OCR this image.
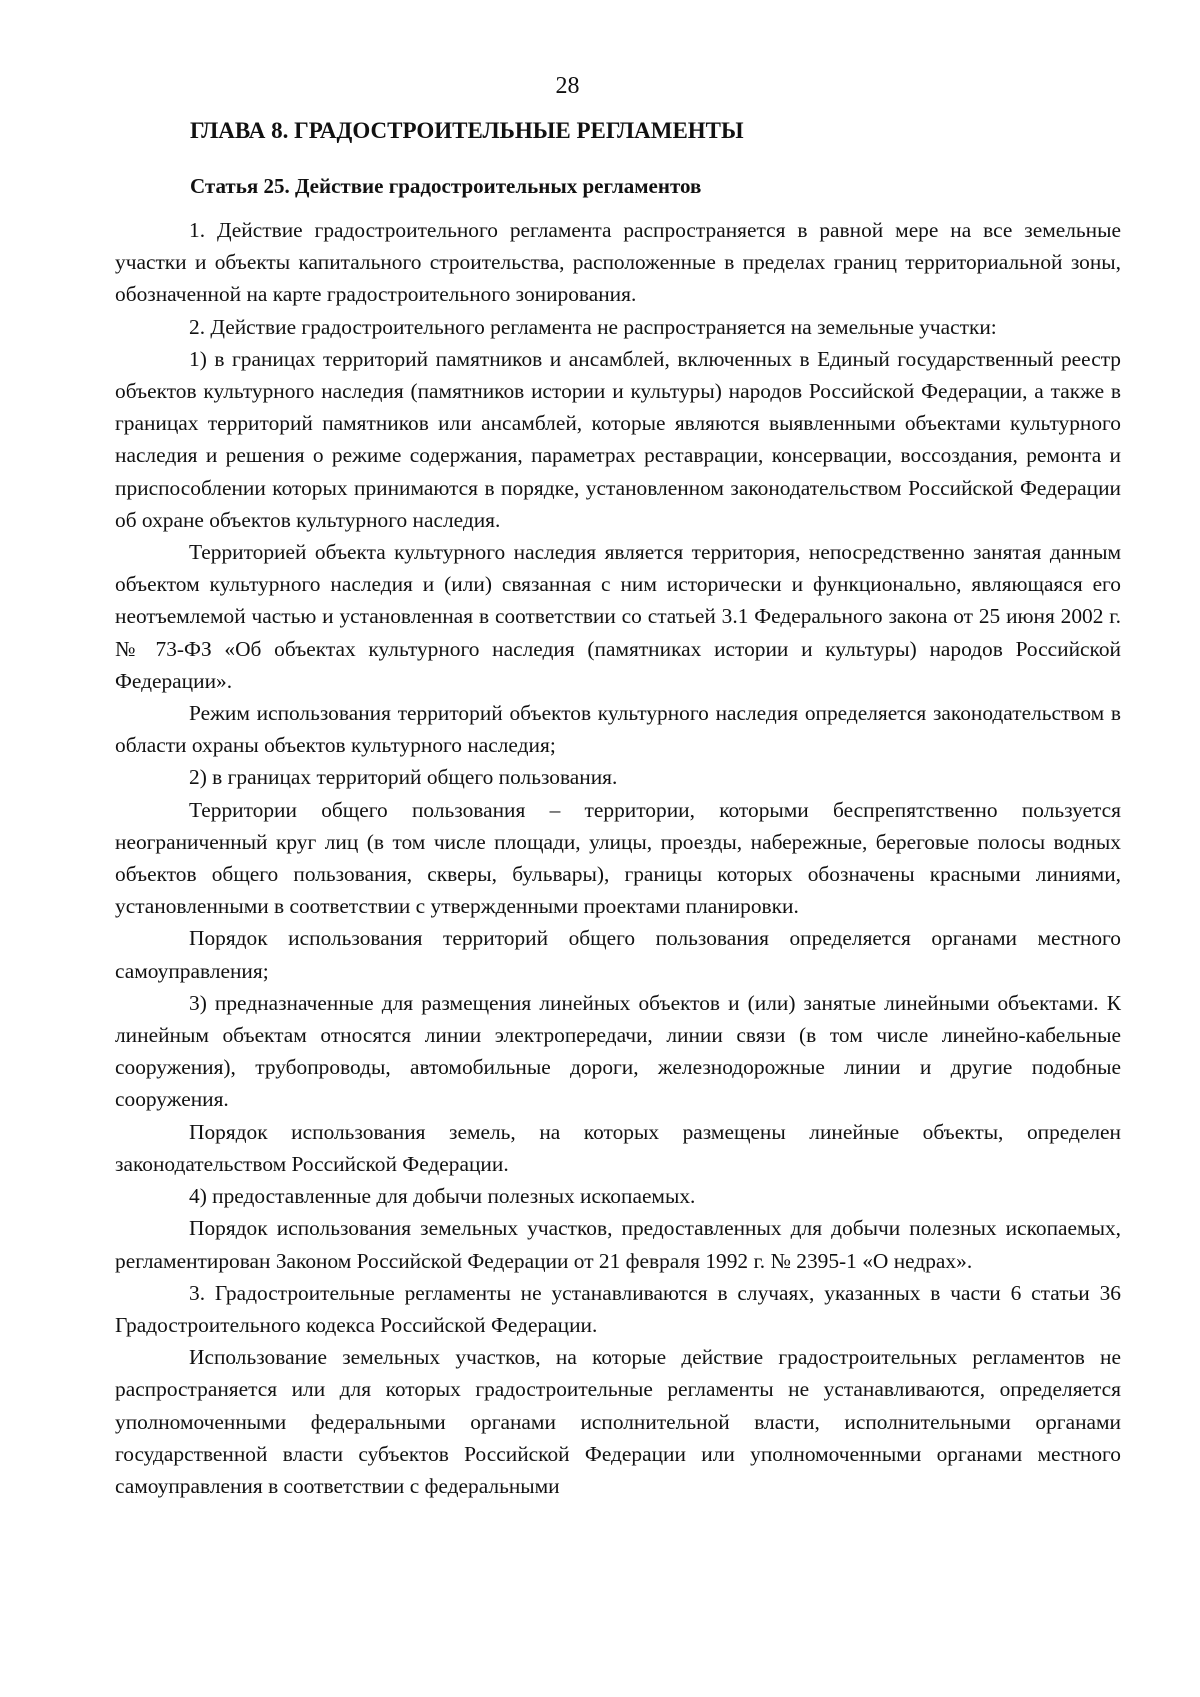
28
ГЛАВА 8. ГРАДОСТРОИТЕЛЬНЫЕ РЕГЛАМЕНТЫ
Статья 25. Действие градостроительных регламентов

1. Действие градостроительного регламента распространяется в равной мере на все земельные участки и объекты капитального строительства, расположенные в пределах границ территориальной зоны, обозначенной на карте градостроительного зонирования.

2. Действие градостроительного регламента не распространяется на земельные участки:

1) в границах территорий памятников и ансамблей, включенных в Единый государственный реестр объектов культурного наследия (памятников истории и культуры) народов Российской Федерации, а также в границах территорий памятников или ансамблей, которые являются выявленными объектами культурного наследия и решения о режиме содержания, параметрах реставрации, консервации, воссоздания, ремонта и приспособлении которых принимаются в порядке, установленном законодательством Российской Федерации об охране объектов культурного наследия.

Территорией объекта культурного наследия является территория, непосредственно занятая данным объектом культурного наследия и (или) связанная с ним исторически и функционально, являющаяся его неотъемлемой частью и установленная в соответствии со статьей 3.1 Федерального закона от 25 июня 2002 г. № 73-ФЗ «Об объектах культурного наследия (памятниках истории и культуры) народов Российской Федерации».

Режим использования территорий объектов культурного наследия определяется законодательством в области охраны объектов культурного наследия;

2) в границах территорий общего пользования.

Территории общего пользования – территории, которыми беспрепятственно пользуется неограниченный круг лиц (в том числе площади, улицы, проезды, набережные, береговые полосы водных объектов общего пользования, скверы, бульвары), границы которых обозначены красными линиями, установленными в соответствии с утвержденными проектами планировки.

Порядок использования территорий общего пользования определяется органами местного самоуправления;

3) предназначенные для размещения линейных объектов и (или) занятые линейными объектами. К линейным объектам относятся линии электропередачи, линии связи (в том числе линейно-кабельные сооружения), трубопроводы, автомобильные дороги, железнодорожные линии и другие подобные сооружения.

Порядок использования земель, на которых размещены линейные объекты, определен законодательством Российской Федерации.

4) предоставленные для добычи полезных ископаемых.

Порядок использования земельных участков, предоставленных для добычи полезных ископаемых, регламентирован Законом Российской Федерации от 21 февраля 1992 г. № 2395-1 «О недрах».

3. Градостроительные регламенты не устанавливаются в случаях, указанных в части 6 статьи 36 Градостроительного кодекса Российской Федерации.

Использование земельных участков, на которые действие градостроительных регламентов не распространяется или для которых градостроительные регламенты не устанавливаются, определяется уполномоченными федеральными органами исполнительной власти, исполнительными органами государственной власти субъектов Российской Федерации или уполномоченными органами местного самоуправления в соответствии с федеральными
